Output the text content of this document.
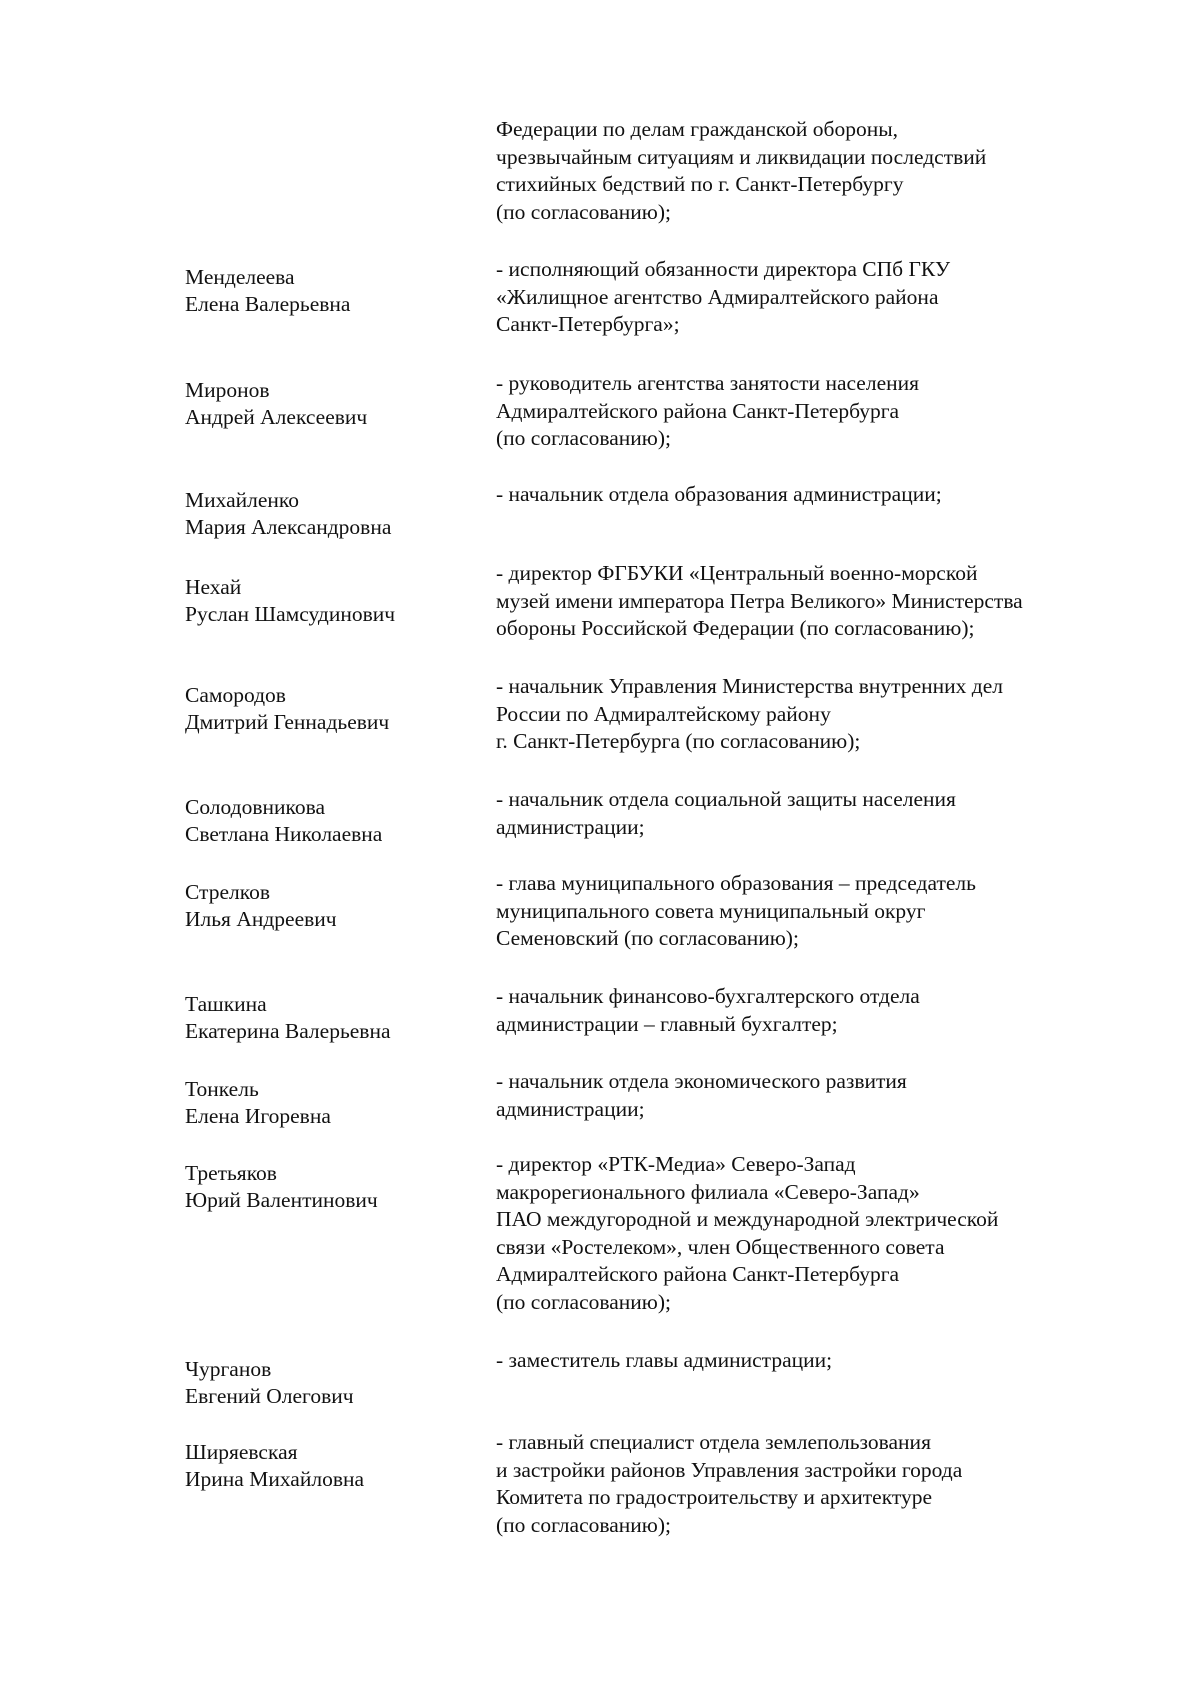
Федерации по делам гражданской обороны,
чрезвычайным ситуациям и ликвидации последствий
стихийных бедствий по г. Санкт-Петербургу
(по согласованию);
Менделеева
Елена Валерьевна
- исполняющий обязанности директора СПб ГКУ
«Жилищное агентство Адмиралтейского района
Санкт-Петербурга»;
Миронов
Андрей Алексеевич
- руководитель агентства занятости населения
Адмиралтейского района Санкт-Петербурга
(по согласованию);
Михайленко
Мария Александровна
- начальник отдела образования администрации;
Нехай
Руслан Шамсудинович
- директор ФГБУКИ «Центральный военно-морской
музей имени императора Петра Великого» Министерства
обороны Российской Федерации (по согласованию);
Самородов
Дмитрий Геннадьевич
- начальник Управления Министерства внутренних дел
России по Адмиралтейскому району
г. Санкт-Петербурга (по согласованию);
Солодовникова
Светлана Николаевна
- начальник отдела социальной защиты населения
администрации;
Стрелков
Илья Андреевич
- глава муниципального образования – председатель
муниципального совета муниципальный округ
Семеновский (по согласованию);
Ташкина
Екатерина Валерьевна
- начальник финансово-бухгалтерского отдела
администрации – главный бухгалтер;
Тонкель
Елена Игоревна
- начальник отдела экономического развития
администрации;
Третьяков
Юрий Валентинович
- директор «РТК-Медиа» Северо-Запад
макрорегионального филиала «Северо-Запад»
ПАО междугородной и международной электрической
связи «Ростелеком», член Общественного совета
Адмиралтейского района Санкт-Петербурга
(по согласованию);
Чурганов
Евгений Олегович
- заместитель главы администрации;
Ширяевская
Ирина Михайловна
- главный специалист отдела землепользования
и застройки районов Управления застройки города
Комитета по градостроительству и архитектуре
(по согласованию);
